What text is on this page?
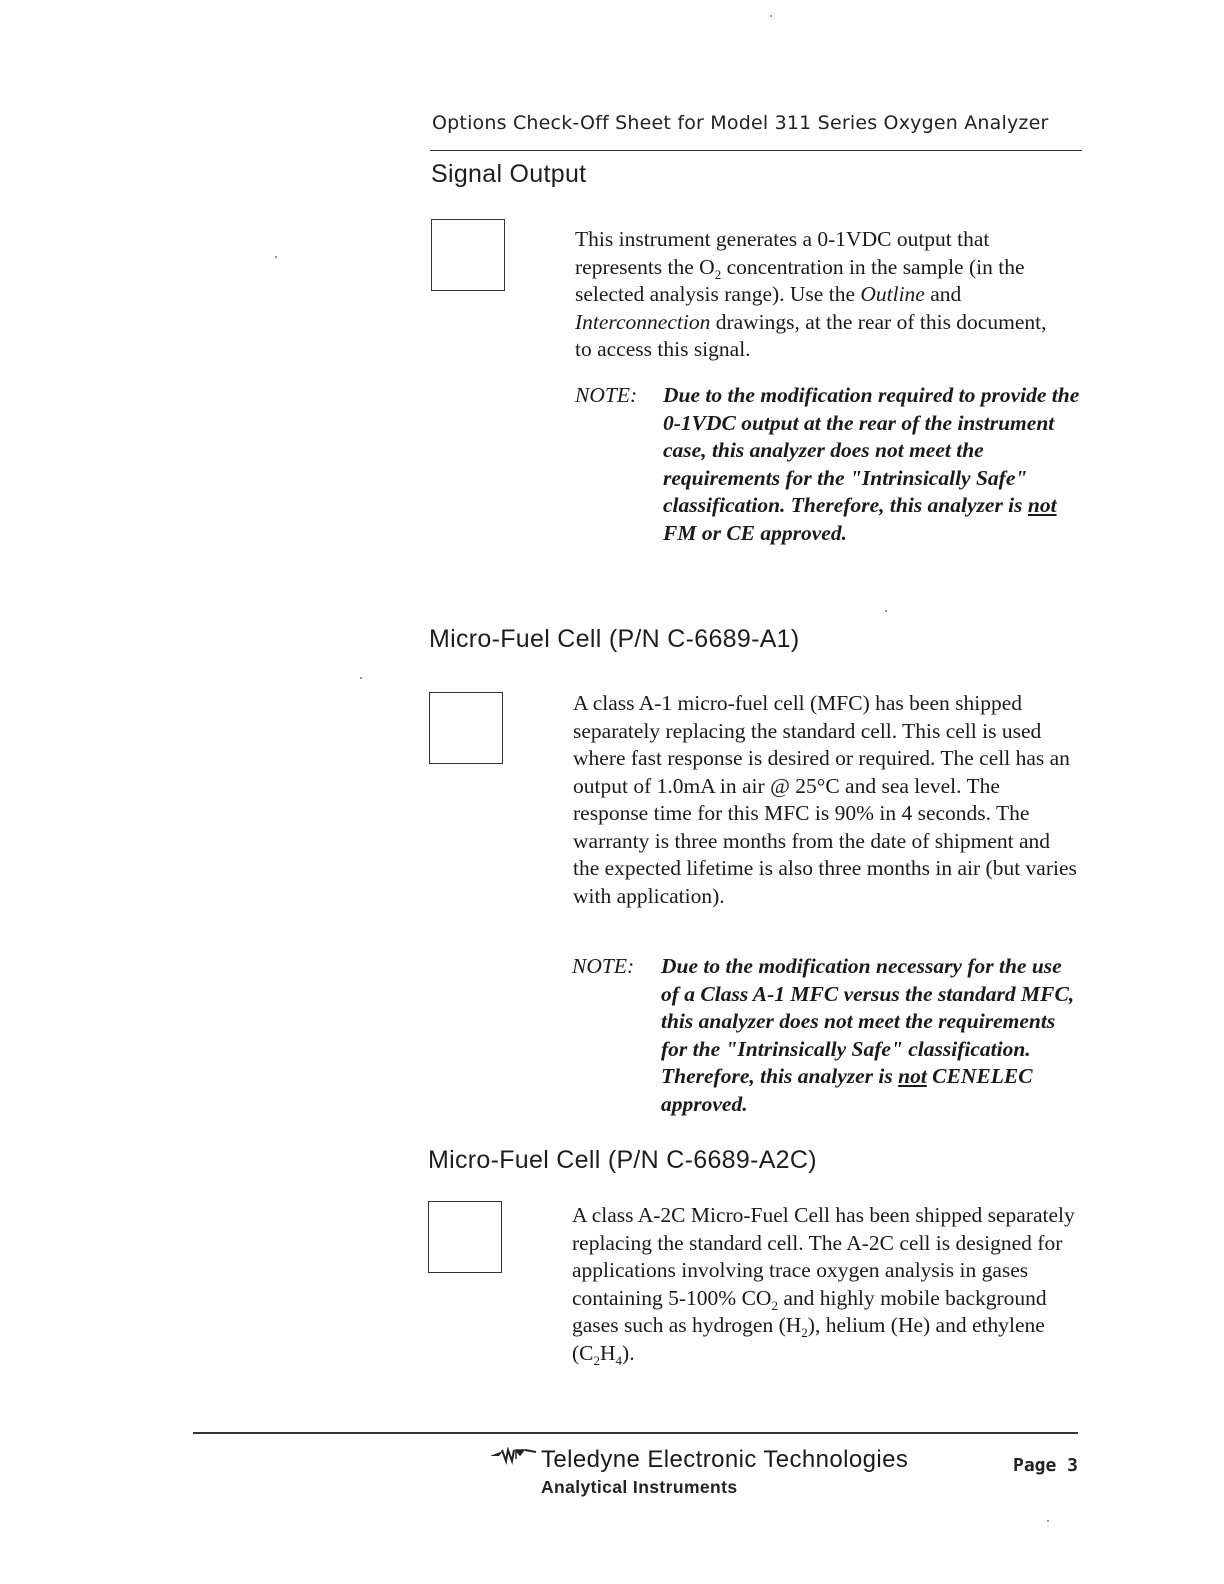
Options Check-Off Sheet for Model 311 Series Oxygen Analyzer
Signal Output
This instrument generates a 0-1VDC output that represents the $O_2$ concentration in the sample (in the selected analysis range). Use the Outline and Interconnection drawings, at the rear of this document, to access this signal.
NOTE: Due to the modification required to provide the 0-1VDC output at the rear of the instrument case, this analyzer does not meet the requirements for the "Intrinsically Safe" classification. Therefore, this analyzer is not FM or CE approved.
Micro-Fuel Cell (P/N C-6689-A1)
A class A-1 micro-fuel cell (MFC) has been shipped separately replacing the standard cell. This cell is used where fast response is desired or required. The cell has an output of 1.0mA in air @ 25°C and sea level. The response time for this MFC is 90% in 4 seconds. The warranty is three months from the date of shipment and the expected lifetime is also three months in air (but varies with application).
NOTE: Due to the modification necessary for the use of a Class A-1 MFC versus the standard MFC, this analyzer does not meet the requirements for the "Intrinsically Safe" classification. Therefore, this analyzer is not CENELEC approved.
Micro-Fuel Cell (P/N C-6689-A2C)
A class A-2C Micro-Fuel Cell has been shipped separately replacing the standard cell. The A-2C cell is designed for applications involving trace oxygen analysis in gases containing 5-100% $CO_2$ and highly mobile background gases such as hydrogen $(H_2)$, helium (He) and ethylene $(C_2H_4)$.
Teledyne Electronic Technologies
Analytical Instruments
Page 3
